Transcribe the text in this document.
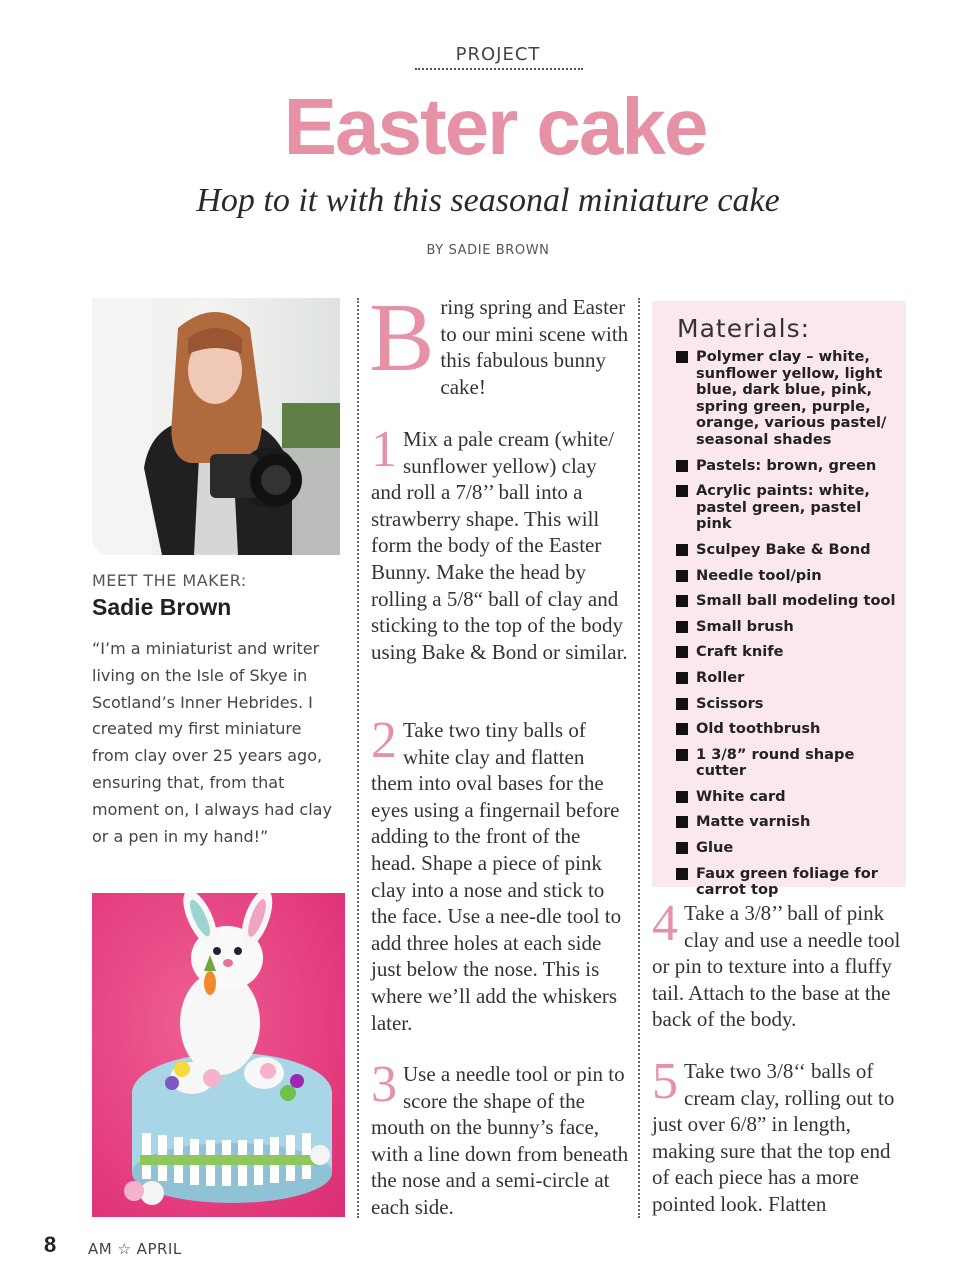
PROJECT
Easter cake
Hop to it with this seasonal miniature cake
BY SADIE BROWN
MEET THE MAKER:
Sadie Brown
“I’m a miniaturist and writer living on the Isle of Skye in Scotland’s Inner Hebrides. I created my first miniature from clay over 25 years ago, ensuring that, from that moment on, I always had clay or a pen in my hand!”
Bring spring and Easter to our mini scene with this fabulous bunny cake!
1 Mix a pale cream (white/ sunflower yellow) clay and roll a 7/8’’ ball into a strawberry shape. This will form the body of the Easter Bunny. Make the head by rolling a 5/8“ ball of clay and sticking to the top of the body using Bake & Bond or similar.
2 Take two tiny balls of white clay and flatten them into oval bases for the eyes using a fingernail before adding to the front of the head. Shape a piece of pink clay into a nose and stick to the face. Use a nee-dle tool to add three holes at each side just below the nose. This is where we’ll add the whiskers later.
3 Use a needle tool or pin to score the shape of the mouth on the bunny’s face, with a line down from beneath the nose and a semi-circle at each side.
Materials:
Polymer clay – white, sunflower yellow, light blue, dark blue, pink, spring green, purple, orange, various pastel/ seasonal shades
Pastels: brown, green
Acrylic paints: white, pastel green, pastel pink
Sculpey Bake & Bond
Needle tool/pin
Small ball modeling tool
Small brush
Craft knife
Roller
Scissors
Old toothbrush
1 3/8” round shape cutter
White card
Matte varnish
Glue
Faux green foliage for carrot top
4 Take a 3/8’’ ball of pink clay and use a needle tool or pin to texture into a fluffy tail. Attach to the base at the back of the body.
5 Take two 3/8‘‘ balls of cream clay, rolling out to just over 6/8” in length, making sure that the top end of each piece has a more pointed look. Flatten
8 AM ☆ APRIL
